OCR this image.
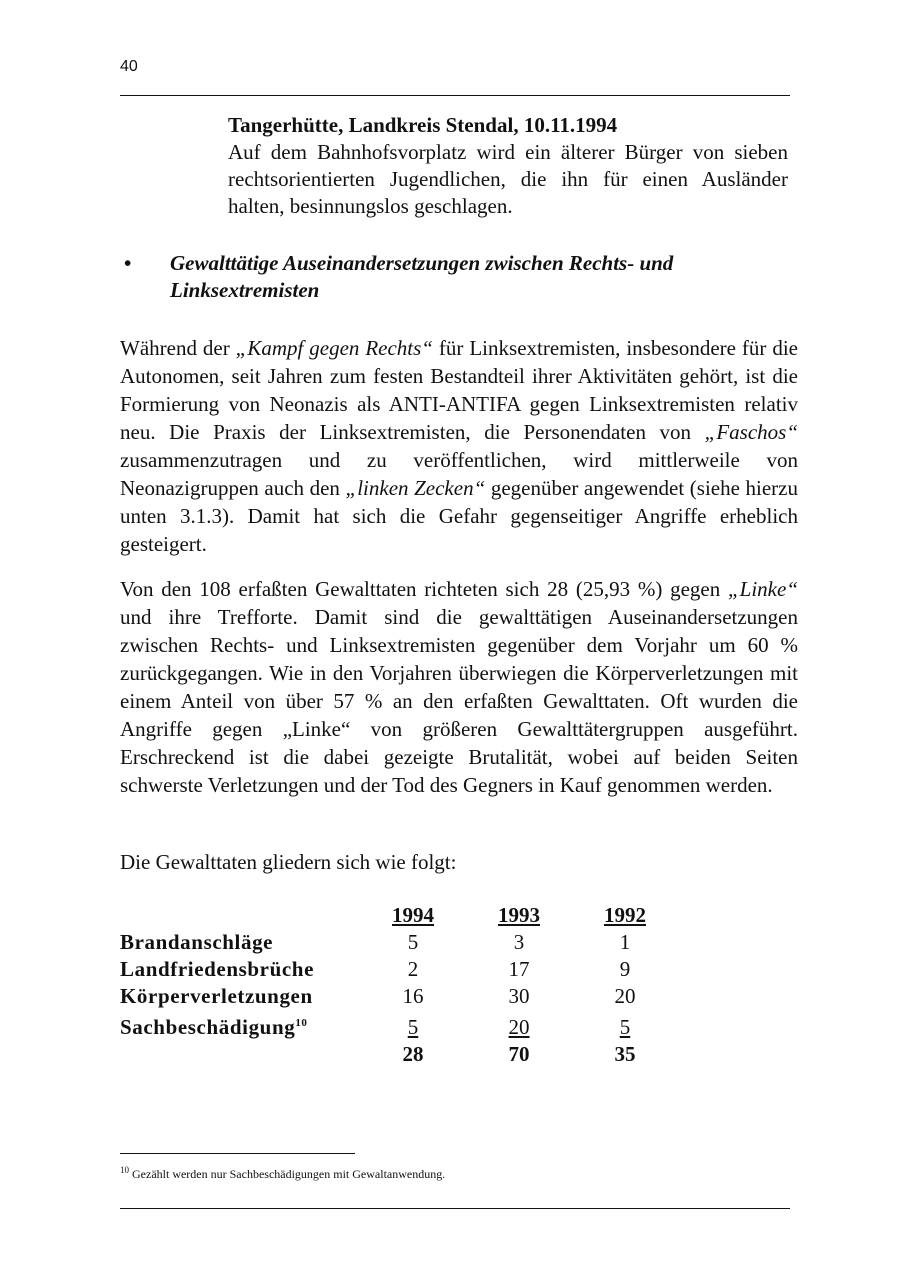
40
Tangerhütte, Landkreis Stendal, 10.11.1994
Auf dem Bahnhofsvorplatz wird ein älterer Bürger von sieben rechtsorientierten Jugendlichen, die ihn für einen Ausländer halten, besinnungslos geschlagen.
• Gewalttätige Auseinandersetzungen zwischen Rechts- und Linksextremisten
Während der „Kampf gegen Rechts“ für Linksextremisten, insbesondere für die Autonomen, seit Jahren zum festen Bestandteil ihrer Aktivitäten gehört, ist die Formierung von Neonazis als ANTI-ANTIFA gegen Linksextremisten relativ neu. Die Praxis der Linksextremisten, die Personendaten von „Faschos“ zusammenzutragen und zu veröffentlichen, wird mittlerweile von Neonazigruppen auch den „linken Zecken“ gegenüber angewendet (siehe hierzu unten 3.1.3). Damit hat sich die Gefahr gegenseitiger Angriffe erheblich gesteigert.
Von den 108 erfaßten Gewalttaten richteten sich 28 (25,93 %) gegen „Linke“ und ihre Trefforte. Damit sind die gewalttätigen Auseinandersetzungen zwischen Rechts- und Linksextremisten gegenüber dem Vorjahr um 60 % zurückgegangen. Wie in den Vorjahren überwiegen die Körperverletzungen mit einem Anteil von über 57 % an den erfaßten Gewalttaten. Oft wurden die Angriffe gegen „Linke“ von größeren Gewalttätergruppen ausgeführt. Erschreckend ist die dabei gezeigte Brutalität, wobei auf beiden Seiten schwerste Verletzungen und der Tod des Gegners in Kauf genommen werden.
Die Gewalttaten gliedern sich wie folgt:
	1994	1993	1992
Brandanschläge	5	3	1
Landfriedensbrüche	2	17	9
Körperverletzungen	16	30	20
Sachbeschädigung$^{10}$	5	20	5
	28	70	35
$^{10}$ Gezählt werden nur Sachbeschädigungen mit Gewaltanwendung.
